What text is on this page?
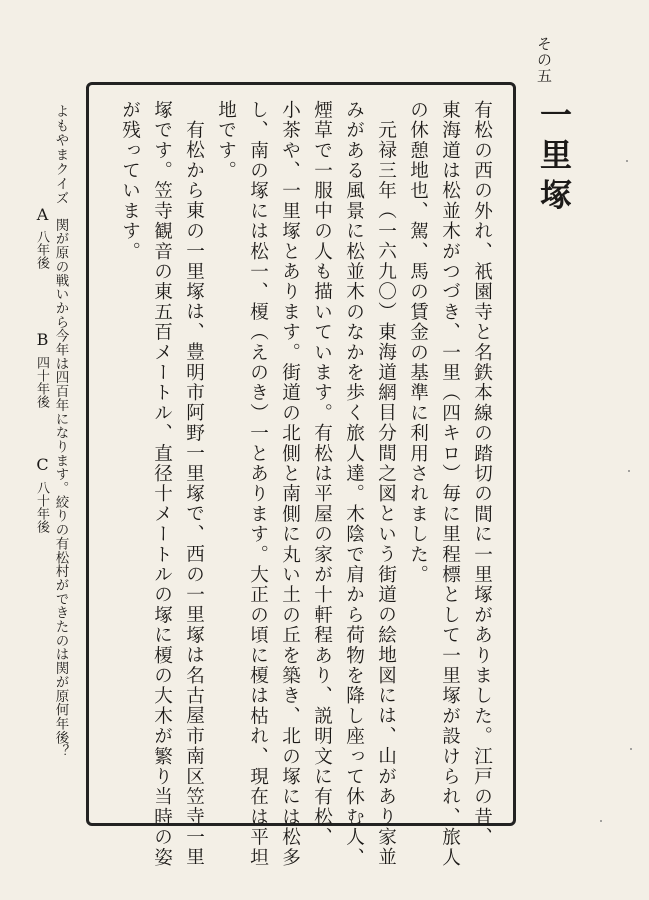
その五
一里塚
有松の西の外れ、祇園寺と名鉄本線の踏切の間に一里塚がありました。江戸の昔、
東海道は松並木がつづき、一里（四キロ）毎に里程標として一里塚が設けられ、旅人
の休憩地也、駕、馬の賃金の基準に利用されました。
元禄三年（一六九〇）東海道網目分間之図という街道の絵地図には、山があり家並
みがある風景に松並木のなかを歩く旅人達。木陰で肩から荷物を降し座って休む人、
煙草で一服中の人も描いています。有松は平屋の家が十軒程あり、説明文に有松、
小茶や、一里塚とあります。街道の北側と南側に丸い土の丘を築き、北の塚には松多
し、南の塚には松一、榎（えのき）一とあります。大正の頃に榎は枯れ、現在は平坦
地です。
有松から東の一里塚は、豊明市阿野一里塚で、西の一里塚は名古屋市南区笠寺一里
塚です。笠寺観音の東五百メートル、直径十メートルの塚に榎の大木が繁り当時の姿
が残っています。
よもやまクイズ
関が原の戦いから今年は四百年になります。絞りの有松村ができたのは関が原何年後？
A
八年後
B
四十年後
C
八十年後
